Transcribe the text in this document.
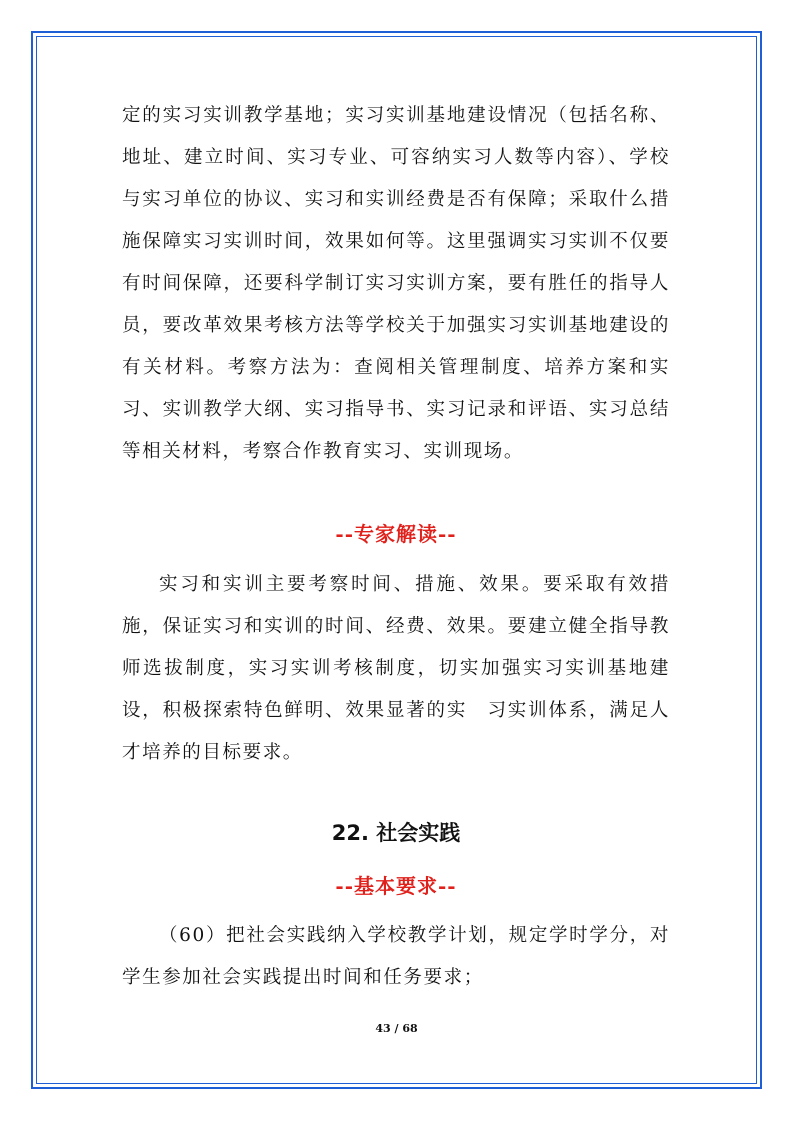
定的实习实训教学基地；实习实训基地建设情况（包括名称、地址、建立时间、实习专业、可容纳实习人数等内容）、学校与实习单位的协议、实习和实训经费是否有保障；采取什么措施保障实习实训时间，效果如何等。这里强调实习实训不仅要有时间保障，还要科学制订实习实训方案，要有胜任的指导人员，要改革效果考核方法等学校关于加强实习实训基地建设的有关材料。考察方法为：查阅相关管理制度、培养方案和实习、实训教学大纲、实习指导书、实习记录和评语、实习总结等相关材料，考察合作教育实习、实训现场。

--专家解读--

实习和实训主要考察时间、措施、效果。要采取有效措施，保证实习和实训的时间、经费、效果。要建立健全指导教师选拔制度，实习实训考核制度，切实加强实习实训基地建设，积极探索特色鲜明、效果显著的实　习实训体系，满足人才培养的目标要求。

22. 社会实践

--基本要求--

（60）把社会实践纳入学校教学计划，规定学时学分，对学生参加社会实践提出时间和任务要求；

43 / 68
